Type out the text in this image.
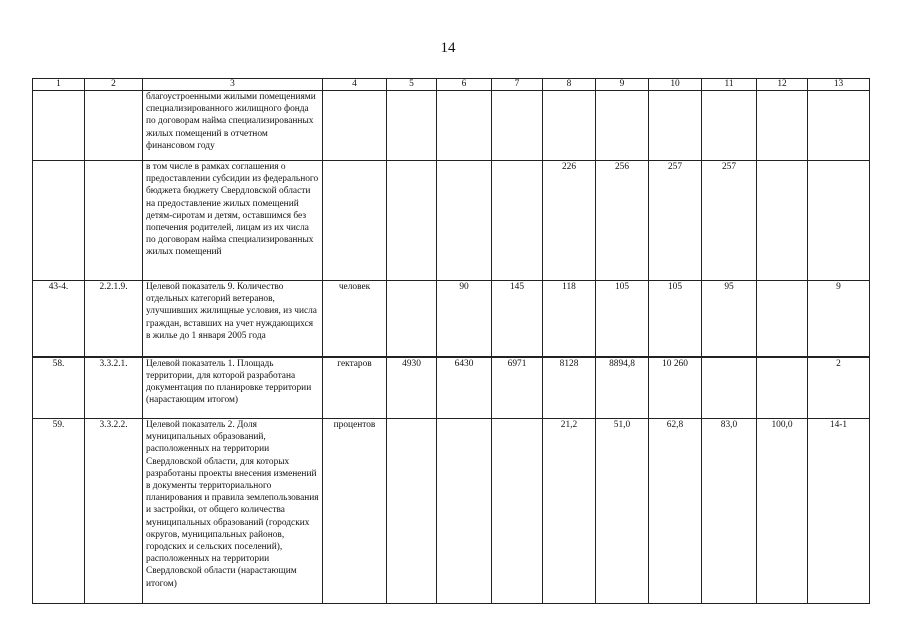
14
1	2	3	4	5	6	7	8	9	10	11	12	13
		благоустроенными жилыми помещениями специализированного жилищного фонда по договорам найма специализированных жилых помещений в отчетном финансовом году										
		в том числе в рамках соглашения о предоставлении субсидии из федерального бюджета бюджету Свердловской области на предоставление жилых помещений детям-сиротам и детям, оставшимся без попечения родителей, лицам из их числа по договорам найма специализированных жилых помещений					226	256	257	257		
43-4.	2.2.1.9.	Целевой показатель 9. Количество отдельных категорий ветеранов, улучшивших жилищные условия, из числа граждан, вставших на учет нуждающихся в жилье до 1 января 2005 года	человек		90	145	118	105	105	95		9
58.	3.3.2.1.	Целевой показатель 1. Площадь территории, для которой разработана документация по планировке территории (нарастающим итогом)	гектаров	4930	6430	6971	8128	8894,8	10 260			2
59.	3.3.2.2.	Целевой показатель 2. Доля муниципальных образований, расположенных на территории Свердловской области, для которых разработаны проекты внесения изменений в документы территориального планирования и правила землепользования и застройки, от общего количества муниципальных образований (городских округов, муниципальных районов, городских и сельских поселений), расположенных на территории Свердловской области (нарастающим итогом)	процентов				21,2	51,0	62,8	83,0	100,0	14-1
